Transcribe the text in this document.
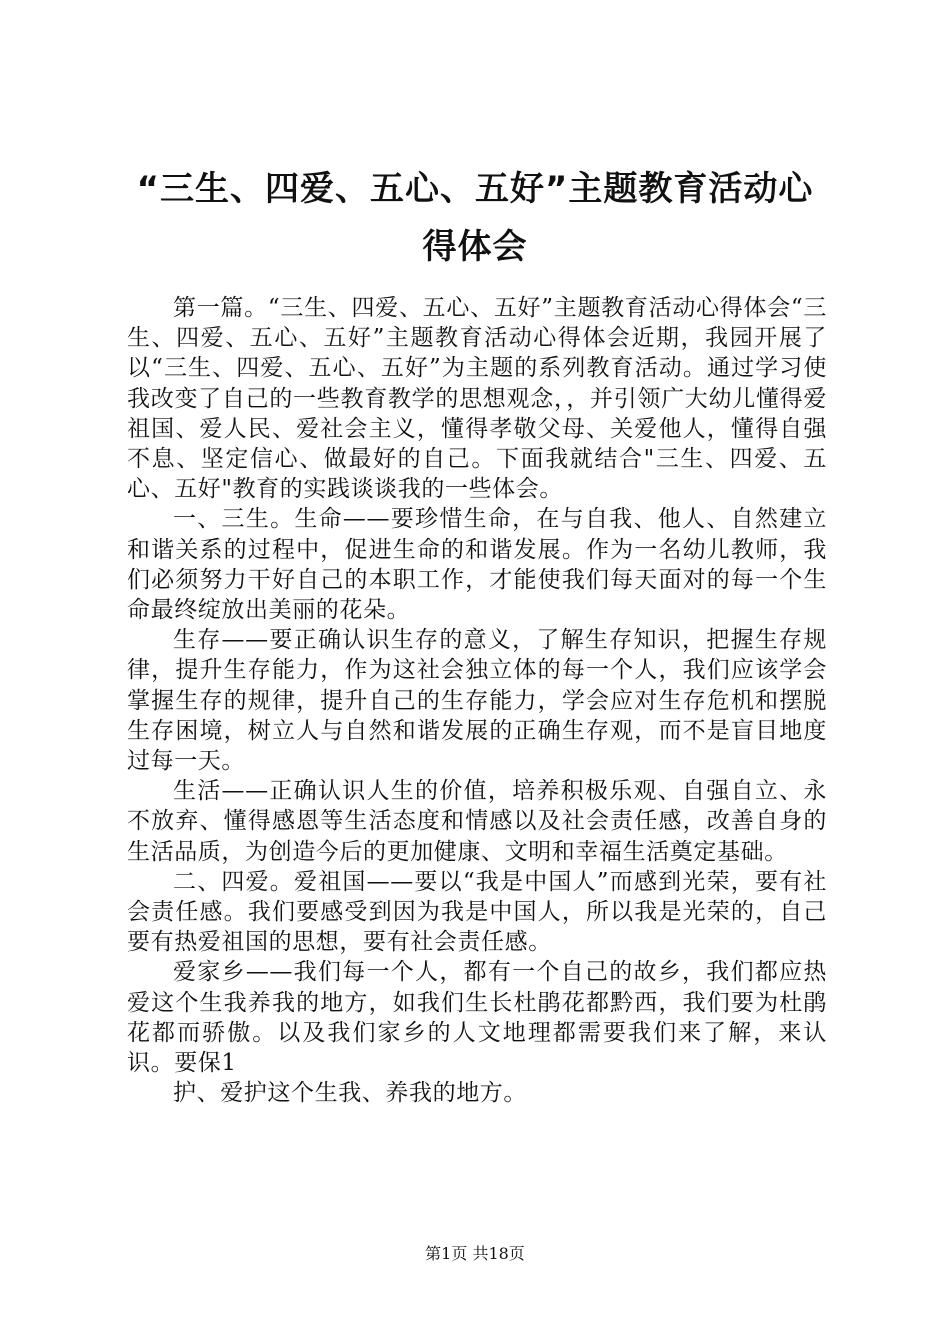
“三生、四爱、五心、五好”主题教育活动心得体会

第一篇。“三生、四爱、五心、五好”主题教育活动心得体会“三生、四爱、五心、五好”主题教育活动心得体会近期，我园开展了以“三生、四爱、五心、五好”为主题的系列教育活动。通过学习使我改变了自己的一些教育教学的思想观念，，并引领广大幼儿懂得爱祖国、爱人民、爱社会主义，懂得孝敬父母、关爱他人，懂得自强不息、坚定信心、做最好的自己。下面我就结合"三生、四爱、五心、五好"教育的实践谈谈我的一些体会。

一、三生。生命——要珍惜生命，在与自我、他人、自然建立和谐关系的过程中，促进生命的和谐发展。作为一名幼儿教师，我们必须努力干好自己的本职工作，才能使我们每天面对的每一个生命最终绽放出美丽的花朵。

生存——要正确认识生存的意义，了解生存知识，把握生存规律，提升生存能力，作为这社会独立体的每一个人，我们应该学会掌握生存的规律，提升自己的生存能力，学会应对生存危机和摆脱生存困境，树立人与自然和谐发展的正确生存观，而不是盲目地度过每一天。

生活——正确认识人生的价值，培养积极乐观、自强自立、永不放弃、懂得感恩等生活态度和情感以及社会责任感，改善自身的生活品质，为创造今后的更加健康、文明和幸福生活奠定基础。

二、四爱。爱祖国——要以“我是中国人”而感到光荣，要有社会责任感。我们要感受到因为我是中国人，所以我是光荣的，自己要有热爱祖国的思想，要有社会责任感。

爱家乡——我们每一个人，都有一个自己的故乡，我们都应热爱这个生我养我的地方，如我们生长杜鹃花都黔西，我们要为杜鹃花都而骄傲。以及我们家乡的人文地理都需要我们来了解，来认识。要保1

护、爱护这个生我、养我的地方。

第1页 共18页
